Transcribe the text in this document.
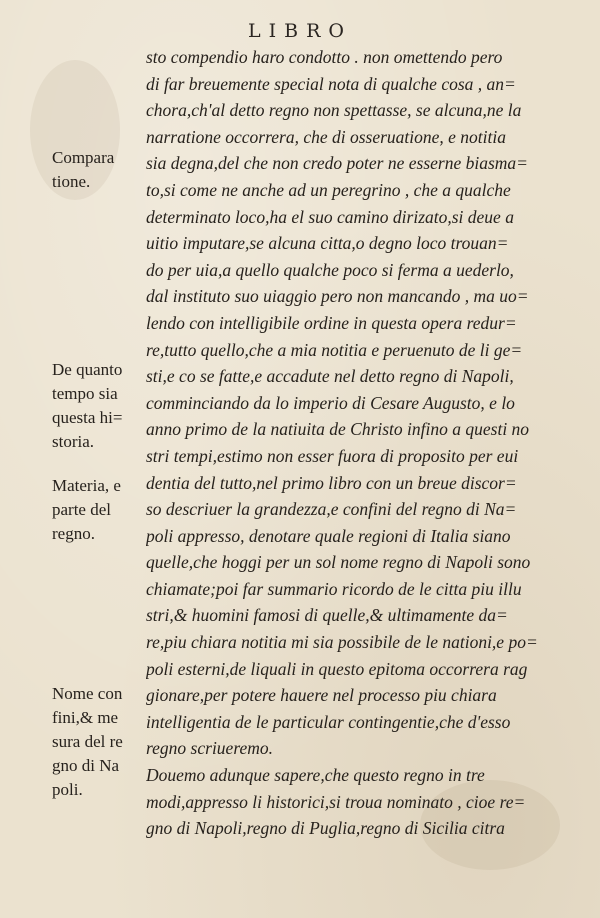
LIBRO
sto compendio haro condotto . non omettendo pero
di far breuemente special nota di qualche cosa , an=
chora,ch'al detto regno non spettasse, se alcuna,ne la
narratione occorrera, che di osseruatione, e notitia
sia degna,del che non credo poter ne esserne biasma=
to,si come ne anche ad un peregrino , che a qualche
determinato loco,ha el suo camino dirizato,si deue a
uitio imputare,se alcuna citta,o degno loco trouan=
do per uia,a quello qualche poco si ferma a uederlo,
dal instituto suo uiaggio pero non mancando , ma uo=
lendo con intelligibile ordine in questa opera redur=
re,tutto quello,che a mia notitia e peruenuto de li ge=
sti,e co se fatte,e accadute nel detto regno di Napoli,
comminciando da lo imperio di Cesare Augusto, e lo
anno primo de la natiuita de Christo infino a questi no
stri tempi,estimo non esser fuora di proposito per eui
dentia del tutto,nel primo libro con un breue discor=
so descriuer la grandezza,e confini del regno di Na=
poli appresso, denotare quale regioni di Italia siano
quelle,che hoggi per un sol nome regno di Napoli sono
chiamate;poi far summario ricordo de le citta piu illu
stri,& huomini famosi di quelle,& ultimamente da=
re,piu chiara notitia mi sia possibile de le nationi,e po=
poli esterni,de liquali in questo epitoma occorrera rag
gionare,per potere hauere nel processo piu chiara
intelligentia de le particular contingentie,che d'esso
regno scriueremo.
Douemo adunque sapere,che questo regno in tre
modi,appresso li historici,si troua nominato , cioe re=
gno di Napoli,regno di Puglia,regno di Sicilia citra
Compara
tione.
De quanto
tempo sia
questa hi=
storia.
Materia, e
parte del
regno.
Nome con
fini,& me
sura del re
gno di Na
poli.
